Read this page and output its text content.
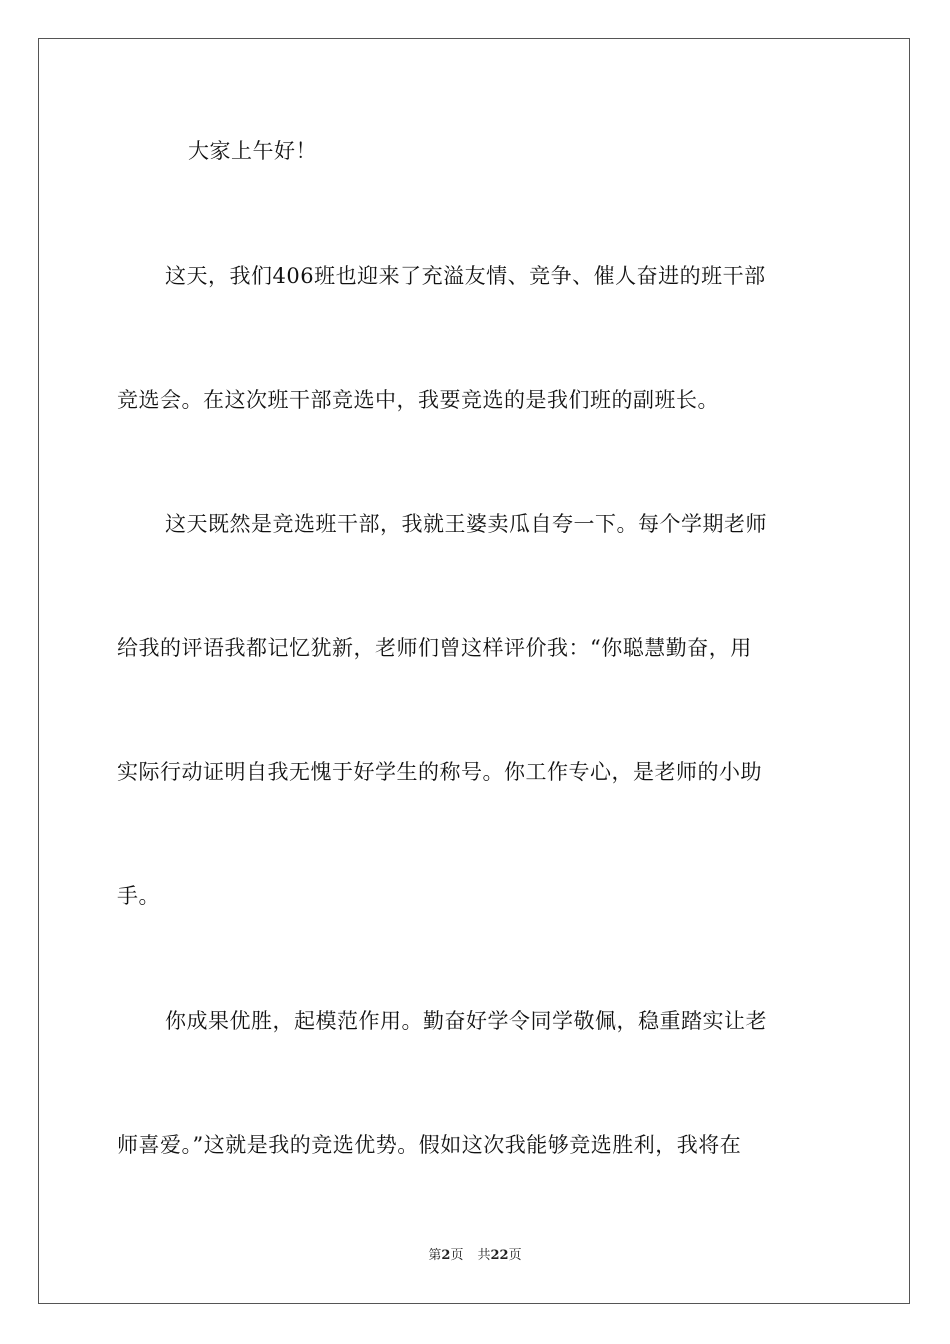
大家上午好！
这天，我们406班也迎来了充溢友情、竞争、催人奋进的班干部
竞选会。在这次班干部竞选中，我要竞选的是我们班的副班长。
这天既然是竞选班干部，我就王婆卖瓜自夸一下。每个学期老师
给我的评语我都记忆犹新，老师们曾这样评价我：“你聪慧勤奋，用
实际行动证明自我无愧于好学生的称号。你工作专心，是老师的小助
手。
你成果优胜，起模范作用。勤奋好学令同学敬佩，稳重踏实让老
师喜爱。”这就是我的竞选优势。假如这次我能够竞选胜利，我将在
第2页 共22页
